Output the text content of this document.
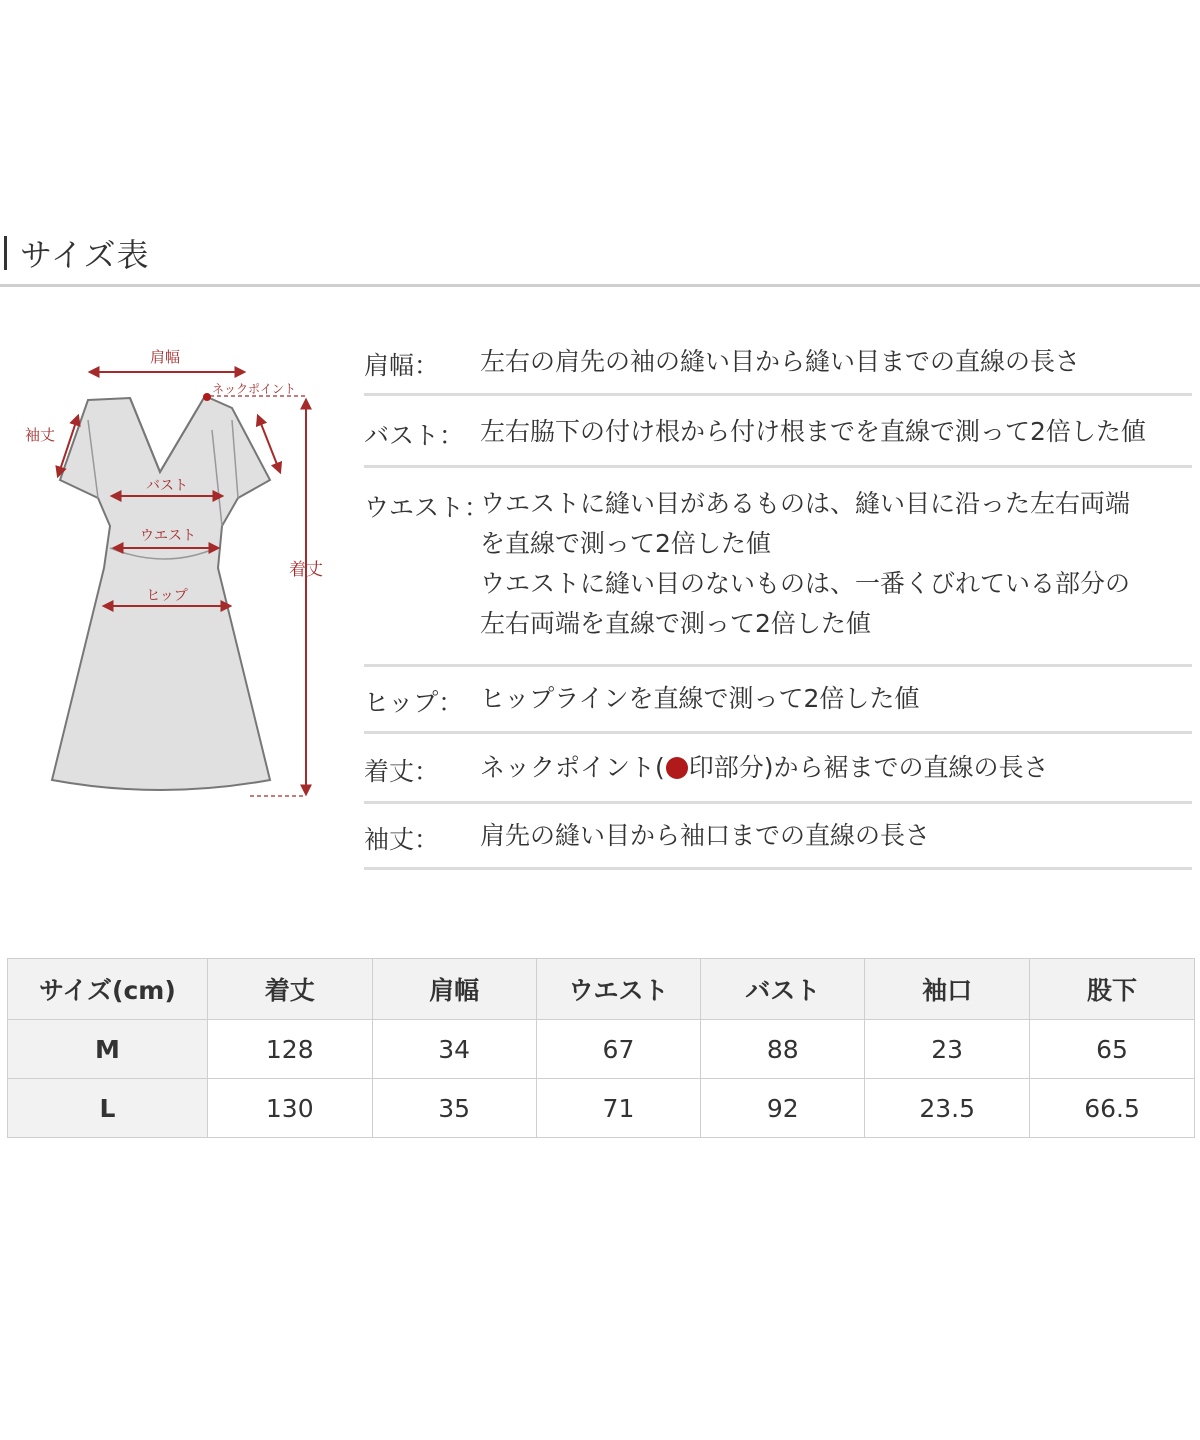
サイズ表
肩幅
ネックポイント
着丈
袖丈
バスト
ウエスト
ヒップ
肩幅： 左右の肩先の袖の縫い目から縫い目までの直線の長さ
バスト： 左右脇下の付け根から付け根までを直線で測って2倍した値
ウエスト：
ウエストに縫い目があるものは、縫い目に沿った左右両端
を直線で測って2倍した値
ウエストに縫い目のないものは、一番くびれている部分の
左右両端を直線で測って2倍した値
ヒップ： ヒップラインを直線で測って2倍した値
着丈： ネックポイント( 印部分)から裾までの直線の長さ
袖丈： 肩先の縫い目から袖口までの直線の長さ
サイズ(cm)	着丈	肩幅	ウエスト	バスト	袖口	股下
M	128	34	67	88	23	65
L	130	35	71	92	23.5	66.5
